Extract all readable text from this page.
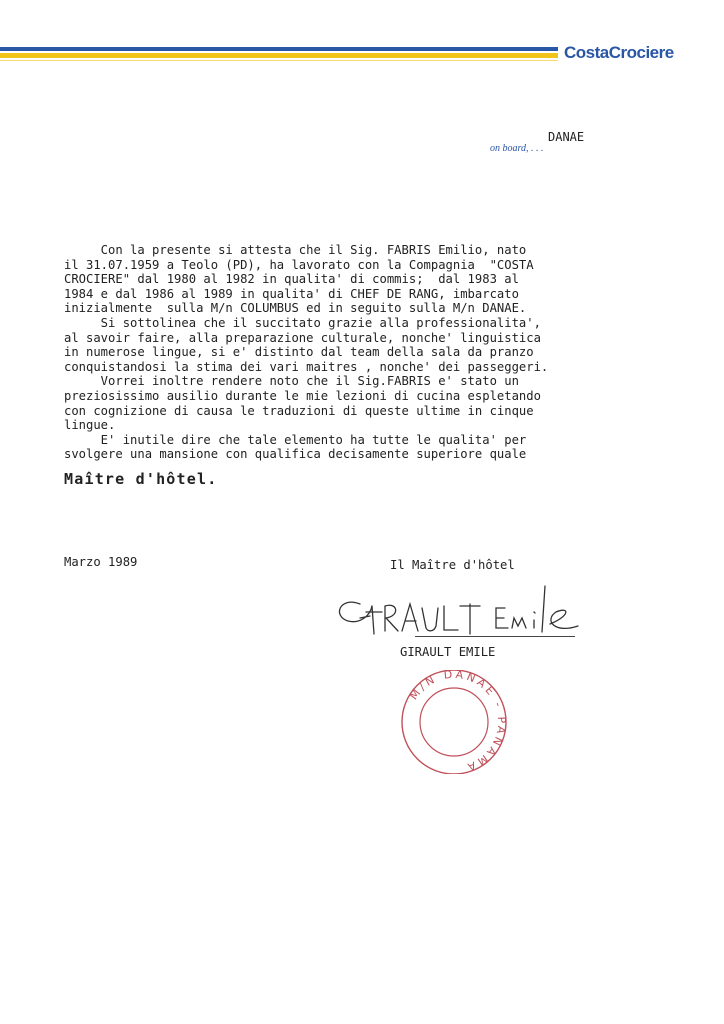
CostaCrociere
DANAE
on board, . . .
Con la presente si attesta che il Sig. FABRIS Emilio, nato
il 31.07.1959 a Teolo (PD), ha lavorato con la Compagnia  "COSTA
CROCIERE" dal 1980 al 1982 in qualita' di commis;  dal 1983 al
1984 e dal 1986 al 1989 in qualita' di CHEF DE RANG, imbarcato
inizialmente  sulla M/n COLUMBUS ed in seguito sulla M/n DANAE.
Si sottolinea che il succitato grazie alla professionalita',
al savoir faire, alla preparazione culturale, nonche' linguistica
in numerose lingue, si e' distinto dal team della sala da pranzo
conquistandosi la stima dei vari maitres , nonche' dei passeggeri.
Vorrei inoltre rendere noto che il Sig.FABRIS e' stato un
preziosissimo ausilio durante le mie lezioni di cucina espletando
con cognizione di causa le traduzioni di queste ultime in cinque
lingue.
E' inutile dire che tale elemento ha tutte le qualita' per
svolgere una mansione con qualifica decisamente superiore quale

Maître d'hôtel.
Marzo 1989	Il Maître d'hôtel
GIRAULT EMILE
M/N DANAE - PANAMA
